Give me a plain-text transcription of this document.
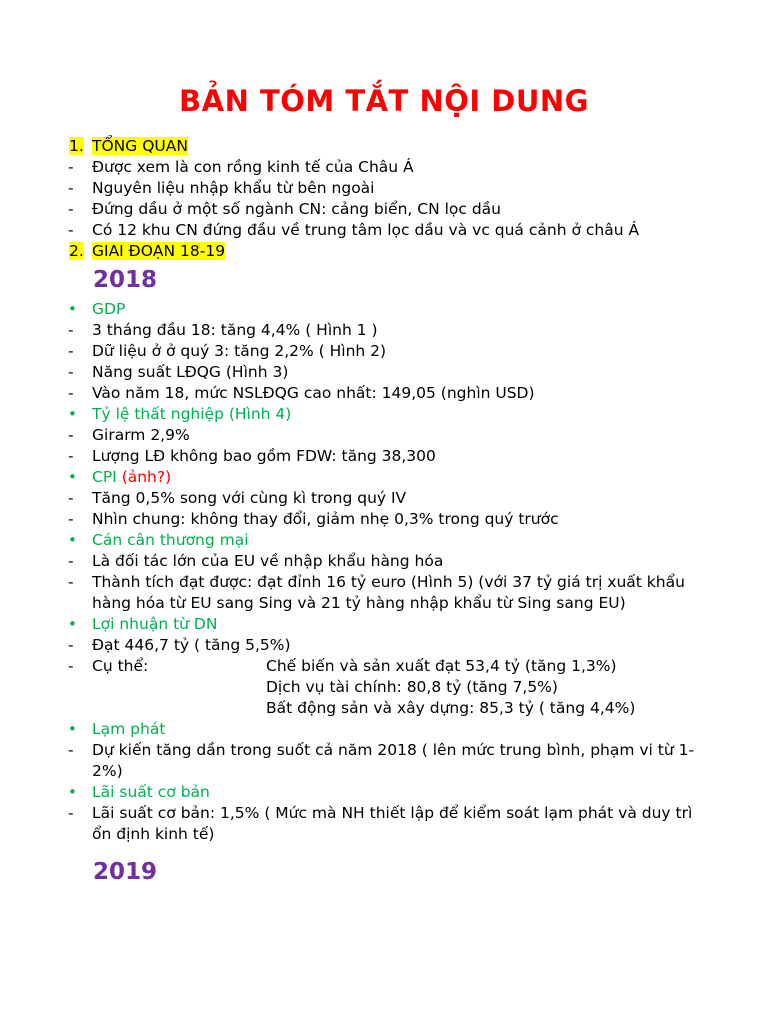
BẢN TÓM TẮT NỘI DUNG
1. TỔNG QUAN
- Được xem là con rồng kinh tế của Châu Á
- Nguyên liệu nhập khẩu từ bên ngoài
- Đứng dầu ở một số ngành CN: cảng biển, CN lọc dầu
- Có 12 khu CN đứng đầu về trung tâm lọc dầu và vc quá cảnh ở châu Á
2. GIAI ĐOẠN 18-19
2018
• GDP
- 3 tháng đầu 18: tăng 4,4% ( Hình 1 )
- Dữ liệu ở ở quý 3: tăng 2,2% ( Hình 2)
- Năng suất LĐQG (Hình 3)
- Vào năm 18, mức NSLĐQG cao nhất: 149,05 (nghìn USD)
• Tỷ lệ thất nghiệp (Hình 4)
- Girarm 2,9%
- Lượng LĐ không bao gồm FDW: tăng 38,300
• CPI (ảnh?)
- Tăng 0,5% song với cùng kì trong quý IV
- Nhìn chung: không thay đổi, giảm nhẹ 0,3% trong quý trước
• Cán cân thương mại
- Là đối tác lớn của EU về nhập khẩu hàng hóa
- Thành tích đạt được: đạt đỉnh 16 tỷ euro (Hình 5) (với 37 tỷ giá trị xuất khẩu hàng hóa từ EU sang Sing và 21 tỷ hàng nhập khẩu từ Sing sang EU)
• Lợi nhuận từ DN
- Đạt 446,7 tỷ ( tăng 5,5%)
- Cụ thể:	Chế biến và sản xuất đạt 53,4 tỷ (tăng 1,3%)
Dịch vụ tài chính: 80,8 tỷ (tăng 7,5%)
Bất động sản và xây dựng: 85,3 tỷ ( tăng 4,4%)
• Lạm phát
- Dự kiến tăng dần trong suốt cả năm 2018 ( lên mức trung bình, phạm vi từ 1-2%)
• Lãi suất cơ bản
- Lãi suất cơ bản: 1,5% ( Mức mà NH thiết lập để kiểm soát lạm phát và duy trì ổn định kinh tế)
2019
